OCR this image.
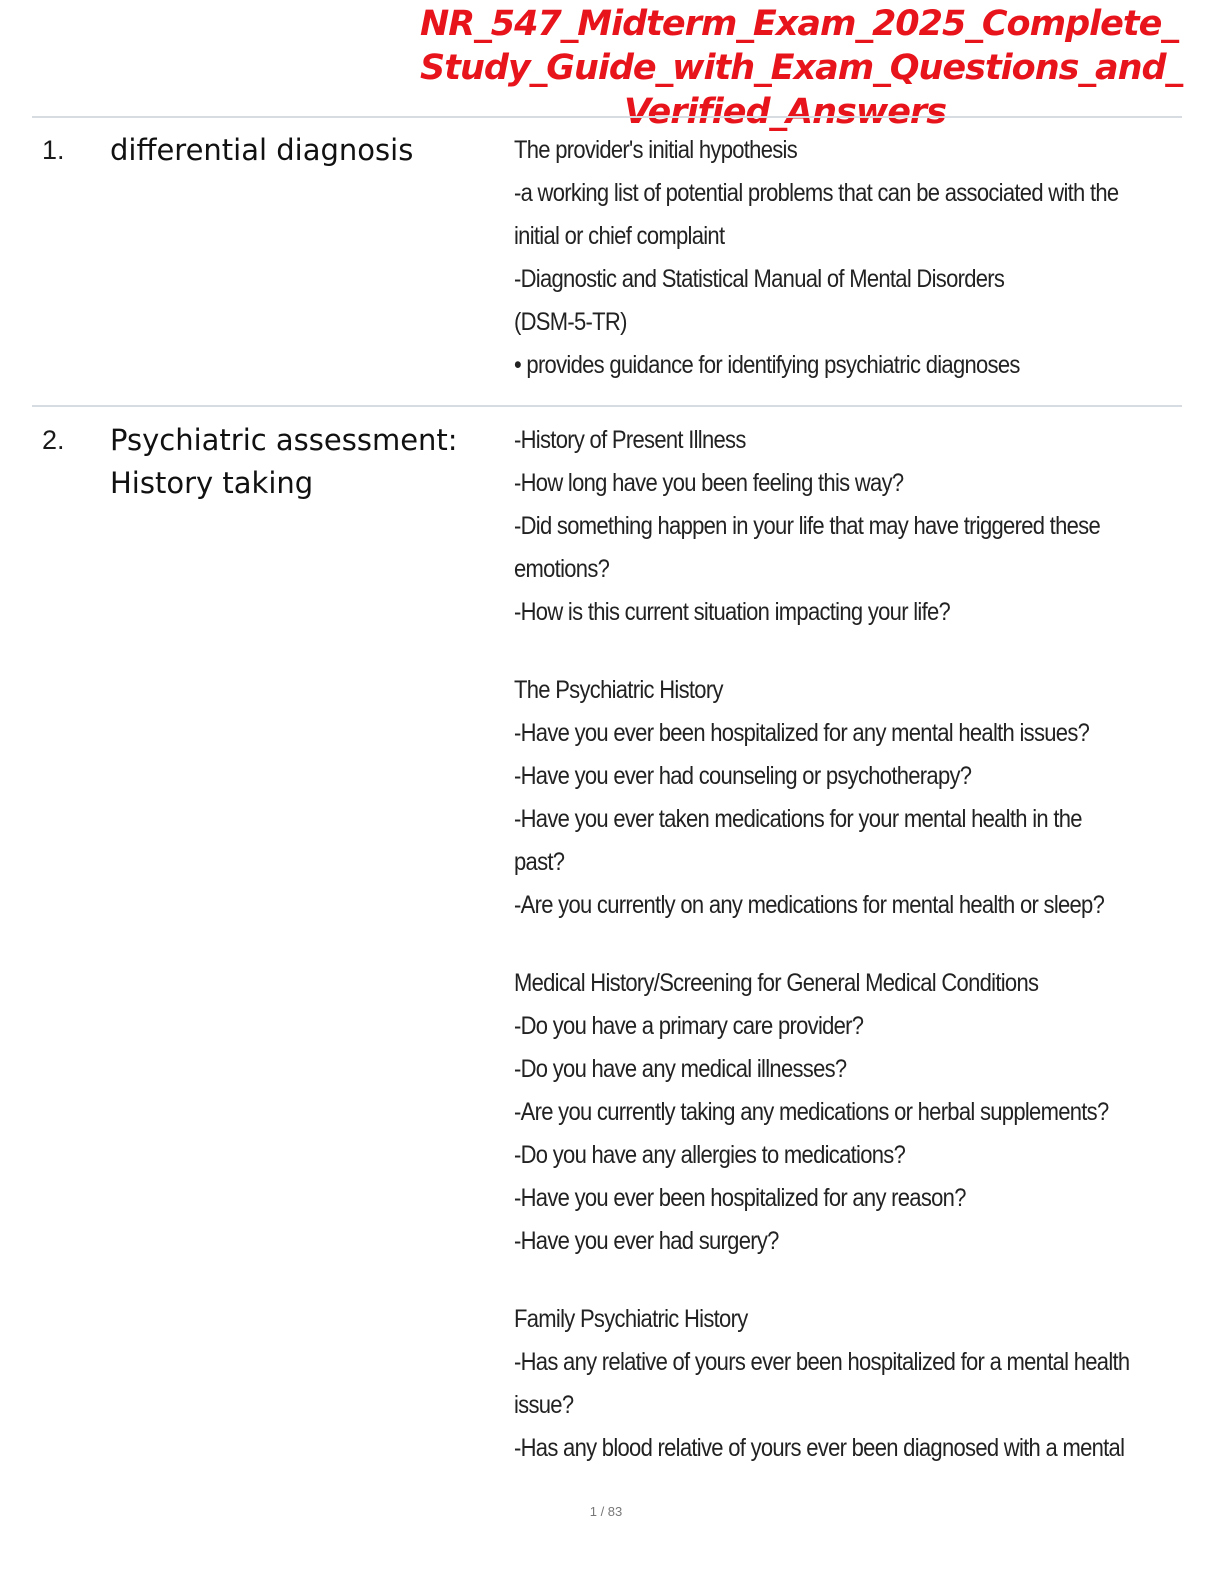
NR_547_Midterm_Exam_2025_Complete_
Study_Guide_with_Exam_Questions_and_
Verified_Answers
1. differential diagnosis	The provider's initial hypothesis
-a working list of potential problems that can be associated with the
initial or chief complaint
-Diagnostic and Statistical Manual of Mental Disorders
(DSM-5-TR)
• provides guidance for identifying psychiatric diagnoses
2. Psychiatric assessment:
History taking
-History of Present Illness
-How long have you been feeling this way?
-Did something happen in your life that may have triggered these
emotions?
-How is this current situation impacting your life?
The Psychiatric History
-Have you ever been hospitalized for any mental health issues?
-Have you ever had counseling or psychotherapy?
-Have you ever taken medications for your mental health in the
past?
-Are you currently on any medications for mental health or sleep?
Medical History/Screening for General Medical Conditions
-Do you have a primary care provider?
-Do you have any medical illnesses?
-Are you currently taking any medications or herbal supplements?
-Do you have any allergies to medications?
-Have you ever been hospitalized for any reason?
-Have you ever had surgery?
Family Psychiatric History
-Has any relative of yours ever been hospitalized for a mental health
issue?
-Has any blood relative of yours ever been diagnosed with a mental
1 / 83
